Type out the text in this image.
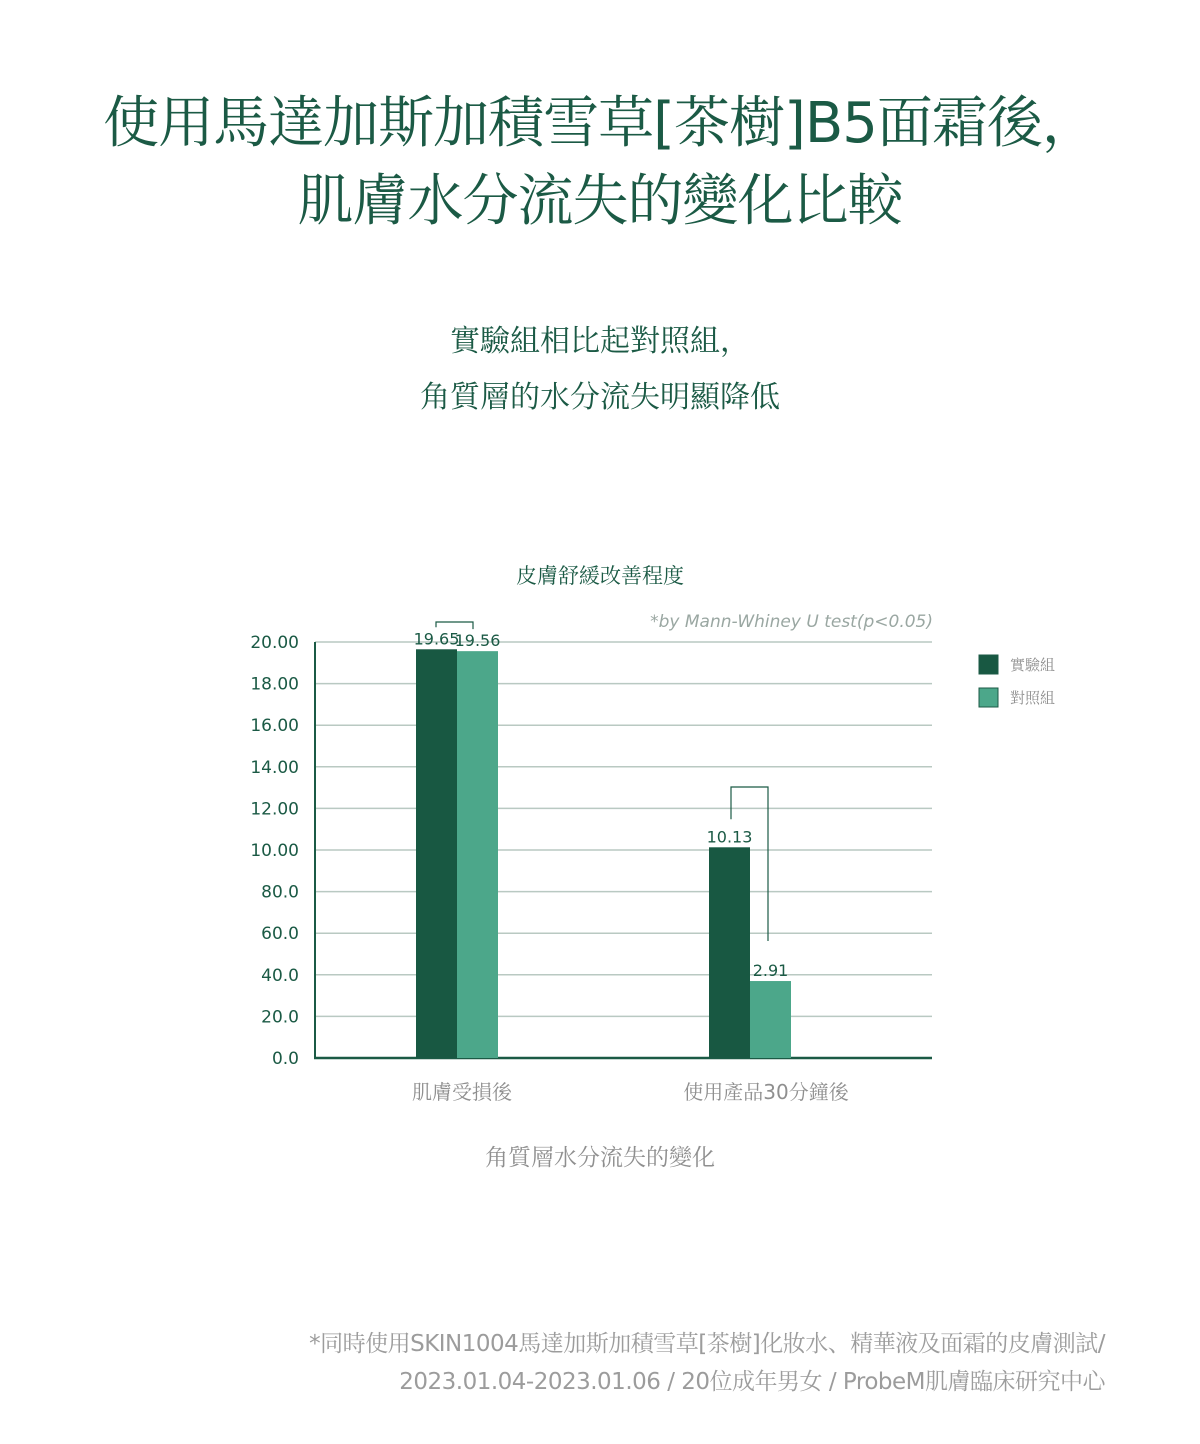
使用馬達加斯加積雪草[茶樹]B5面霜後，
肌膚水分流失的變化比較
實驗組相比起對照組，
角質層的水分流失明顯降低
皮膚舒緩改善程度
*by Mann-Whiney U test(p<0.05)
0.0
20.0
40.0
60.0
80.0
10.00
12.00
14.00
16.00
18.00
20.00	19.65
19.56
肌膚受損後
10.13
2.91
使用產品30分鐘後
角質層水分流失的變化
實驗組
對照組
*同時使用SKIN1004馬達加斯加積雪草[茶樹]化妝水、精華液及面霜的皮膚測試/
2023.01.04-2023.01.06 / 20位成年男女 / ProbeM肌膚臨床研究中心
